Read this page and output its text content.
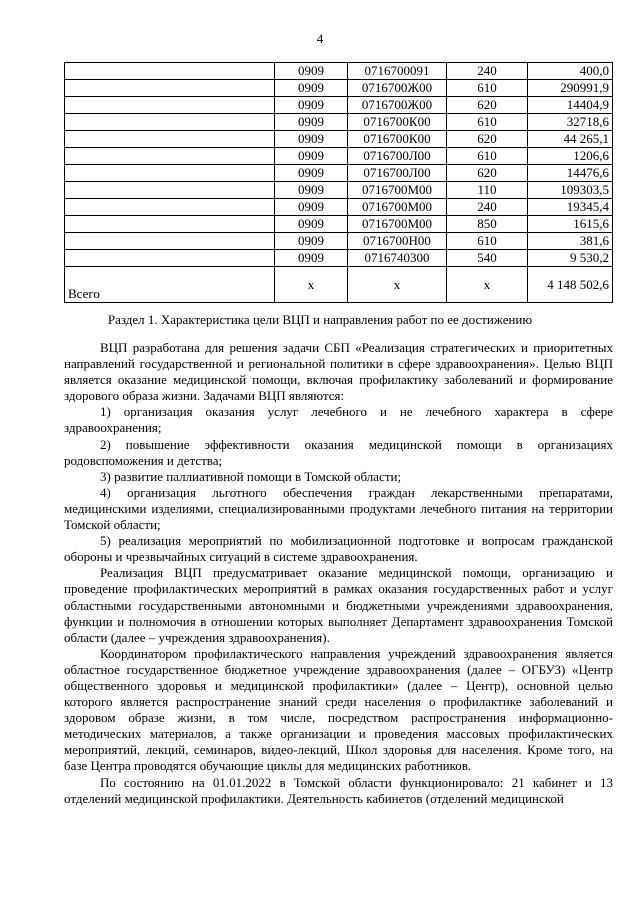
4
	0909	0716700091	240	400,0
	0909	0716700Ж00	610	290991,9
	0909	0716700Ж00	620	14404,9
	0909	0716700К00	610	32718,6
	0909	0716700К00	620	44 265,1
	0909	0716700Л00	610	1206,6
	0909	0716700Л00	620	14476,6
	0909	0716700М00	110	109303,5
	0909	0716700М00	240	19345,4
	0909	0716700М00	850	1615,6
	0909	0716700Н00	610	381,6
	0909	0716740300	540	9 530,2
Всего	х	х	х	4 148 502,6
Раздел 1. Характеристика цели ВЦП и направления работ по ее достижению

ВЦП разработана для решения задачи СБП «Реализация стратегических и приоритетных направлений государственной и региональной политики в сфере здравоохранения». Целью ВЦП является оказание медицинской помощи, включая профилактику заболеваний и формирование здорового образа жизни. Задачами ВЦП являются:

1) организация оказания услуг лечебного и не лечебного характера в сфере здравоохранения;

2) повышение эффективности оказания медицинской помощи в организациях родовспоможения и детства;

3) развитие паллиативной помощи в Томской области;

4) организация льготного обеспечения граждан лекарственными препаратами, медицинскими изделиями, специализированными продуктами лечебного питания на территории Томской области;

5) реализация мероприятий по мобилизационной подготовке и вопросам гражданской обороны и чрезвычайных ситуаций в системе здравоохранения.

Реализация ВЦП предусматривает оказание медицинской помощи, организацию и проведение профилактических мероприятий в рамках оказания государственных работ и услуг областными государственными автономными и бюджетными учреждениями здравоохранения, функции и полномочия в отношении которых выполняет Департамент здравоохранения Томской области (далее – учреждения здравоохранения).

Координатором профилактического направления учреждений здравоохранения является областное государственное бюджетное учреждение здравоохранения (далее – ОГБУЗ) «Центр общественного здоровья и медицинской профилактики» (далее – Центр), основной целью которого является распространение знаний среди населения о профилактике заболеваний и здоровом образе жизни, в том числе, посредством распространения информационно-методических материалов, а также организации и проведения массовых профилактических мероприятий, лекций, семинаров, видео-лекций, Школ здоровья для населения. Кроме того, на базе Центра проводятся обучающие циклы для медицинских работников.

По состоянию на 01.01.2022 в Томской области функционировало: 21 кабинет и 13 отделений медицинской профилактики. Деятельность кабинетов (отделений медицинской
